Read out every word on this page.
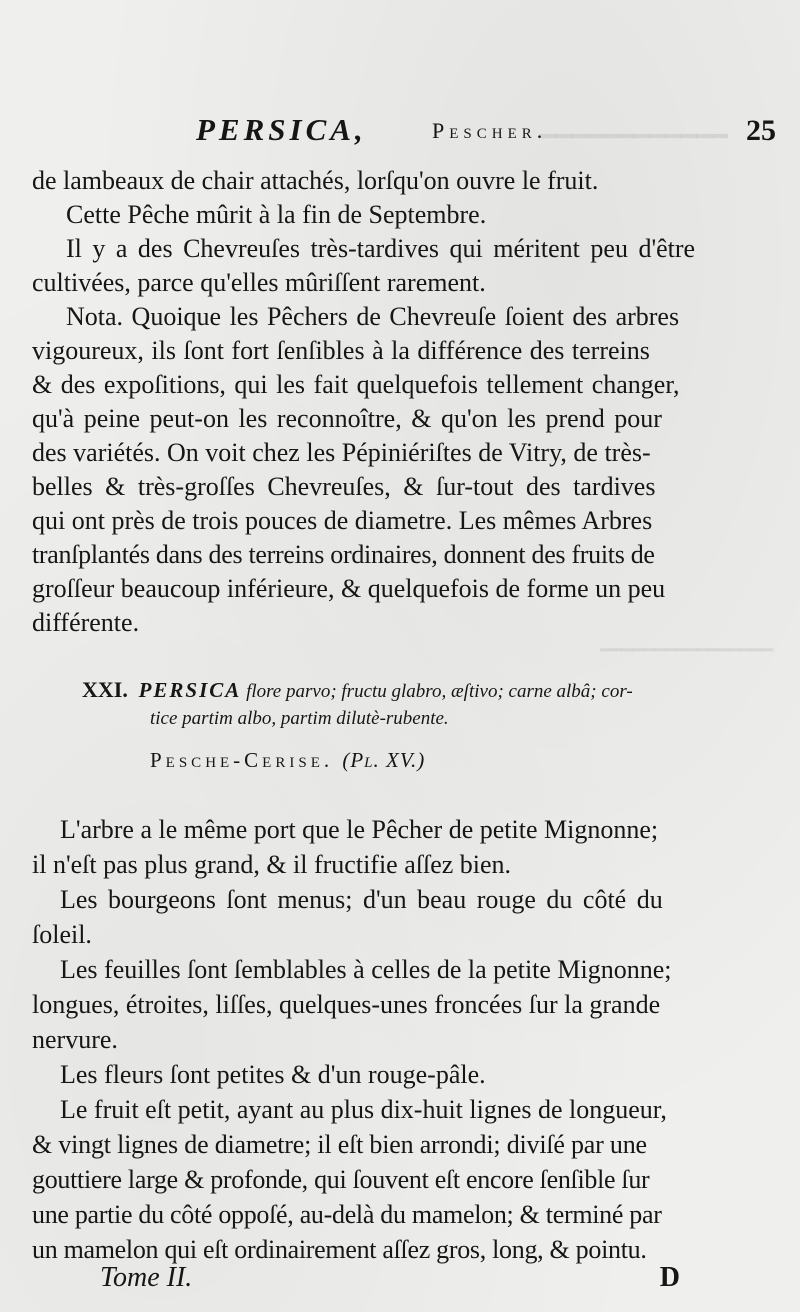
━━━━━━━━━━━━
━━━━━━━━━━━━━━━━
PERSICA,	Pescher.	25
de lambeaux de chair attachés, lorſqu'on ouvre le fruit.
Cette Pêche mûrit à la fin de Septembre.
Il y a des Chevreuſes très-tardives qui méritent peu d'être
cultivées, parce qu'elles mûriſſent rarement.
Nota. Quoique les Pêchers de Chevreuſe ſoient des arbres
vigoureux, ils ſont fort ſenſibles à la différence des terreins
& des expoſitions, qui les fait quelquefois tellement changer,
qu'à peine peut-on les reconnoître, & qu'on les prend pour
des variétés. On voit chez les Pépiniériſtes de Vitry, de très-
belles & très-groſſes Chevreuſes, & ſur-tout des tardives
qui ont près de trois pouces de diametre. Les mêmes Arbres
tranſplantés dans des terreins ordinaires, donnent des fruits de
groſſeur beaucoup inférieure, & quelquefois de forme un peu
différente.
XXI. PERSICA flore parvo; fructu glabro, æſtivo; carne albâ; cor-
tice partim albo, partim dilutè-rubente.
Pesche-Cerise. (Pl. XV.)
L'arbre a le même port que le Pêcher de petite Mignonne;
il n'eſt pas plus grand, & il fructifie aſſez bien.
Les bourgeons ſont menus; d'un beau rouge du côté du
ſoleil.
Les feuilles ſont ſemblables à celles de la petite Mignonne;
longues, étroites, liſſes, quelques-unes froncées ſur la grande
nervure.
Les fleurs ſont petites & d'un rouge-pâle.
Le fruit eſt petit, ayant au plus dix-huit lignes de longueur,
& vingt lignes de diametre; il eſt bien arrondi; diviſé par une
gouttiere large & profonde, qui ſouvent eſt encore ſenſible ſur
une partie du côté oppoſé, au-delà du mamelon; & terminé par
un mamelon qui eſt ordinairement aſſez gros, long, & pointu.
Tome II.	D
